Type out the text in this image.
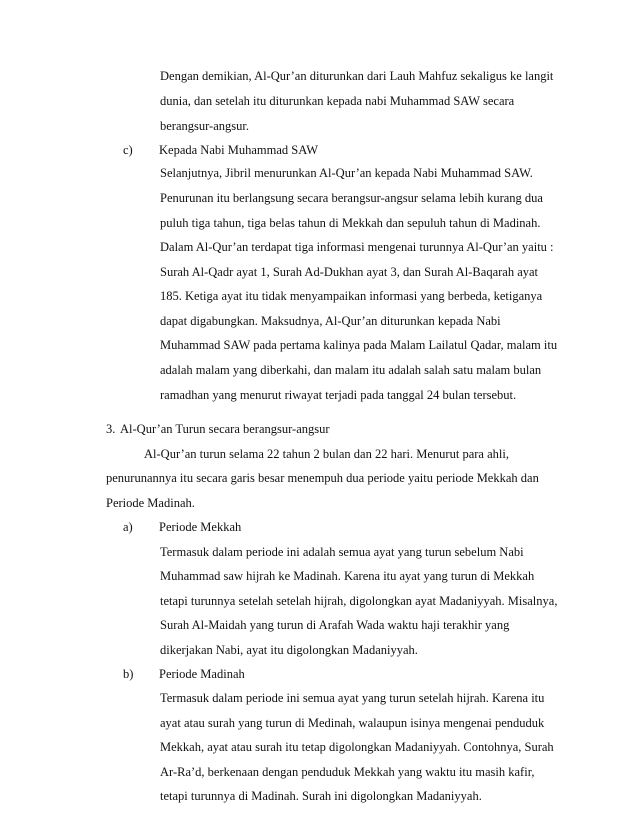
Dengan demikian, Al-Qur’an diturunkan dari Lauh Mahfuz sekaligus ke langit
dunia, dan setelah itu diturunkan kepada nabi Muhammad SAW secara
berangsur-angsur.
c) Kepada Nabi Muhammad SAW
Selanjutnya, Jibril menurunkan Al-Qur’an kepada Nabi Muhammad SAW.
Penurunan itu berlangsung secara berangsur-angsur selama lebih kurang dua
puluh tiga tahun, tiga belas tahun di Mekkah dan sepuluh tahun di Madinah.
Dalam Al-Qur’an terdapat tiga informasi mengenai turunnya Al-Qur’an yaitu :
Surah Al-Qadr ayat 1, Surah Ad-Dukhan ayat 3, dan Surah Al-Baqarah ayat
185. Ketiga ayat itu tidak menyampaikan informasi yang berbeda, ketiganya
dapat digabungkan. Maksudnya, Al-Qur’an diturunkan kepada Nabi
Muhammad SAW pada pertama kalinya pada Malam Lailatul Qadar, malam itu
adalah malam yang diberkahi, dan malam itu adalah salah satu malam bulan
ramadhan yang menurut riwayat terjadi pada tanggal 24 bulan tersebut.
3. Al-Qur’an Turun secara berangsur-angsur
Al-Qur’an turun selama 22 tahun 2 bulan dan 22 hari. Menurut para ahli,
penurunannya itu secara garis besar menempuh dua periode yaitu periode Mekkah dan
Periode Madinah.
a) Periode Mekkah
Termasuk dalam periode ini adalah semua ayat yang turun sebelum Nabi
Muhammad saw hijrah ke Madinah. Karena itu ayat yang turun di Mekkah
tetapi turunnya setelah setelah hijrah, digolongkan ayat Madaniyyah. Misalnya,
Surah Al-Maidah yang turun di Arafah Wada waktu haji terakhir yang
dikerjakan Nabi, ayat itu digolongkan Madaniyyah.
b) Periode Madinah
Termasuk dalam periode ini semua ayat yang turun setelah hijrah. Karena itu
ayat atau surah yang turun di Medinah, walaupun isinya mengenai penduduk
Mekkah, ayat atau surah itu tetap digolongkan Madaniyyah. Contohnya, Surah
Ar-Ra’d, berkenaan dengan penduduk Mekkah yang waktu itu masih kafir,
tetapi turunnya di Madinah. Surah ini digolongkan Madaniyyah.
